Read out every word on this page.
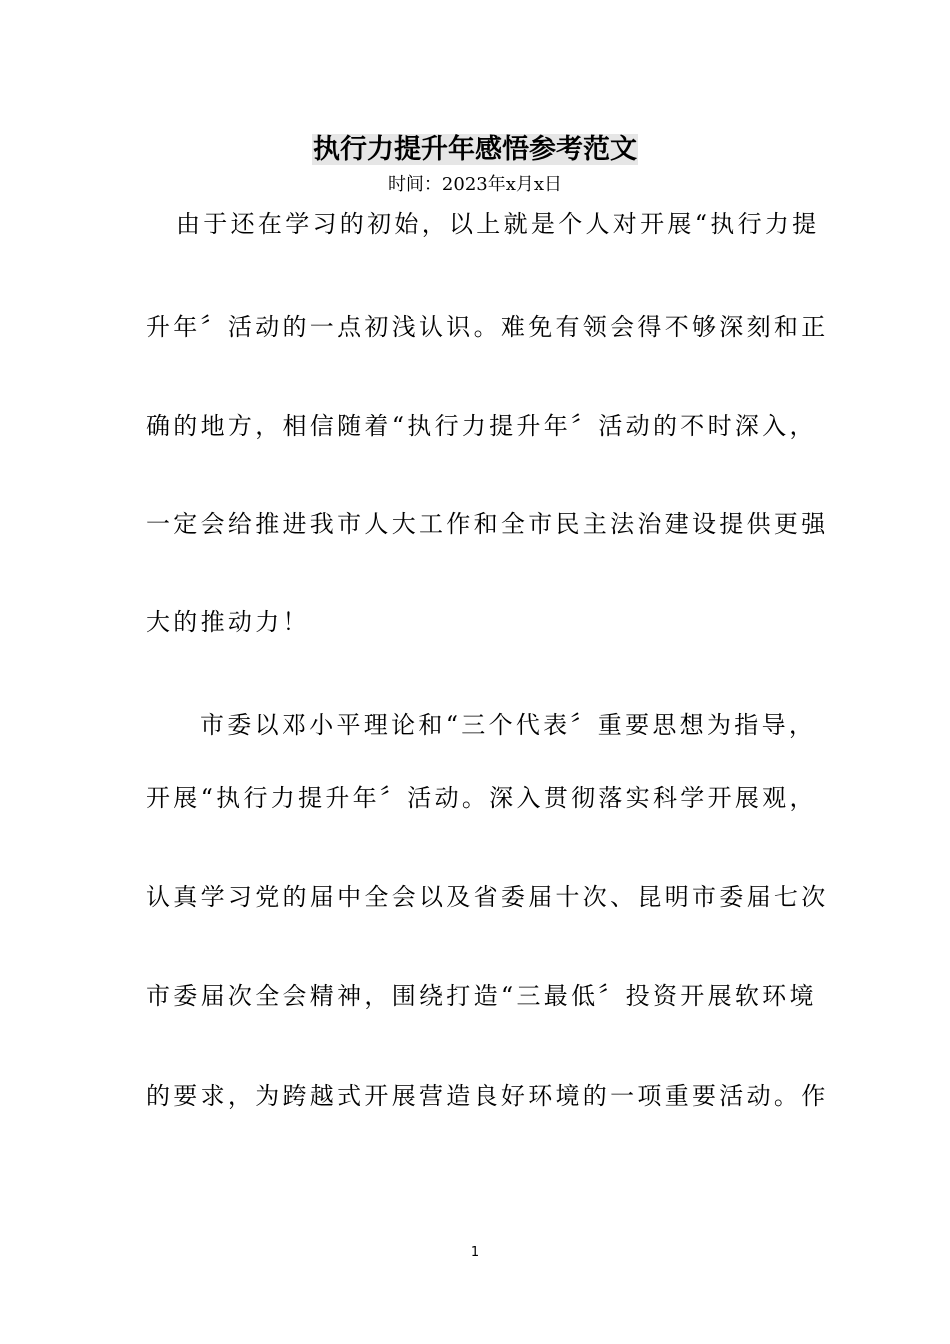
执行力提升年感悟参考范文
时间：2023年x月x日
由于还在学习的初始，以上就是个人对开展“执行力提
升年〞活动的一点初浅认识。难免有领会得不够深刻和正
确的地方，相信随着“执行力提升年〞活动的不时深入，
一定会给推进我市人大工作和全市民主法治建设提供更强
大的推动力！
市委以邓小平理论和“三个代表〞重要思想为指导，
开展“执行力提升年〞活动。深入贯彻落实科学开展观，
认真学习党的届中全会以及省委届十次、昆明市委届七次
市委届次全会精神，围绕打造“三最低〞投资开展软环境
的要求，为跨越式开展营造良好环境的一项重要活动。作
1
